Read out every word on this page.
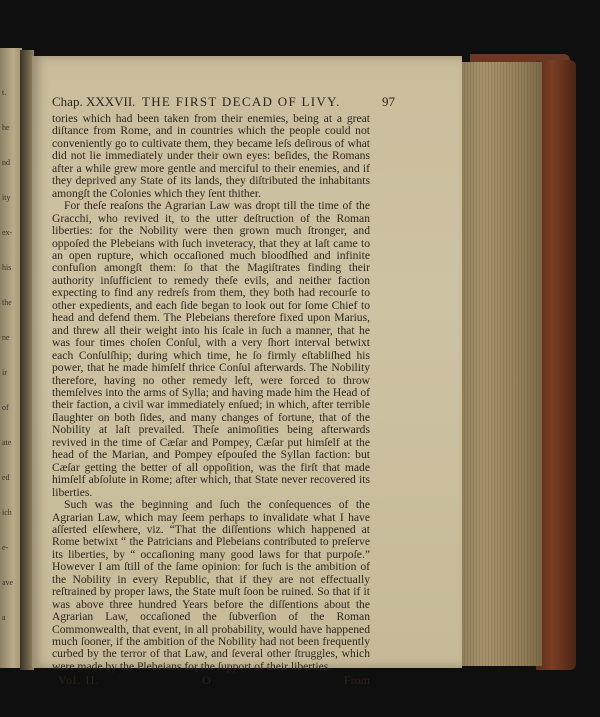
t.
he
nd
ity
ex-
his
the
ne
ir
of
ate
ed
ich
e-
ave
a
Chap. XXXVII. THE FIRST DECAD OF LIVY.	97

tories which had been taken from their enemies, being at a great diſtance from Rome, and in countries which the people could not conveniently go to cultivate them, they became leſs deſirous of what did not lie immediately under their own eyes: beſides, the Romans after a while grew more gentle and merciful to their enemies, and if they deprived any State of its lands, they diſtributed the inhabitants amongſt the Colonies which they ſent thither.

For theſe reaſons the Agrarian Law was dropt till the time of the Gracchi, who revived it, to the utter deſtruction of the Roman liberties: for the Nobility were then grown much ſtronger, and oppoſed the Plebeians with ſuch inveteracy, that they at laſt came to an open rupture, which occaſioned much bloodſhed and infinite confuſion amongſt them: ſo that the Magiſtrates finding their authority inſufficient to remedy theſe evils, and neither faction expecting to find any redreſs from them, they both had recourſe to other expedients, and each ſide began to look out for ſome Chief to head and defend them. The Plebeians therefore fixed upon Marius, and threw all their weight into his ſcale in ſuch a manner, that he was four times choſen Conſul, with a very ſhort interval betwixt each Conſulſhip; during which time, he ſo firmly eſtabliſhed his power, that he made himſelf thrice Conſul afterwards. The Nobility therefore, having no other remedy left, were forced to throw themſelves into the arms of Sylla; and having made him the Head of their faction, a civil war immediately enſued; in which, after terrible ſlaughter on both ſides, and many changes of fortune, that of the Nobility at laſt prevailed. Theſe animoſities being afterwards revived in the time of Cæſar and Pompey, Cæſar put himſelf at the head of the Marian, and Pompey eſpouſed the Syllan faction: but Cæſar getting the better of all oppoſition, was the firſt that made himſelf abſolute in Rome; after which, that State never recovered its liberties.

Such was the beginning and ſuch the conſequences of the Agrarian Law, which may ſeem perhaps to invalidate what I have aſſerted elſewhere, viz. “That the diſſentions which happened at Rome betwixt “ the Patricians and Plebeians contributed to preſerve its liberties, by “ occaſioning many good laws for that purpoſe.” However I am ſtill of the ſame opinion: for ſuch is the ambition of the Nobility in every Republic, that if they are not effectually reſtrained by proper laws, the State muſt ſoon be ruined. So that if it was above three hundred Years before the diſſentions about the Agrarian Law, occaſioned the ſubverſion of the Roman Commonwealth, that event, in all probability, would have happened much ſooner, if the ambition of the Nobility had not been frequently curbed by the terror of that Law, and ſeveral other ſtruggles, which were made by the Plebeians for the ſupport of their liberties.

Vol. II.	O	From
